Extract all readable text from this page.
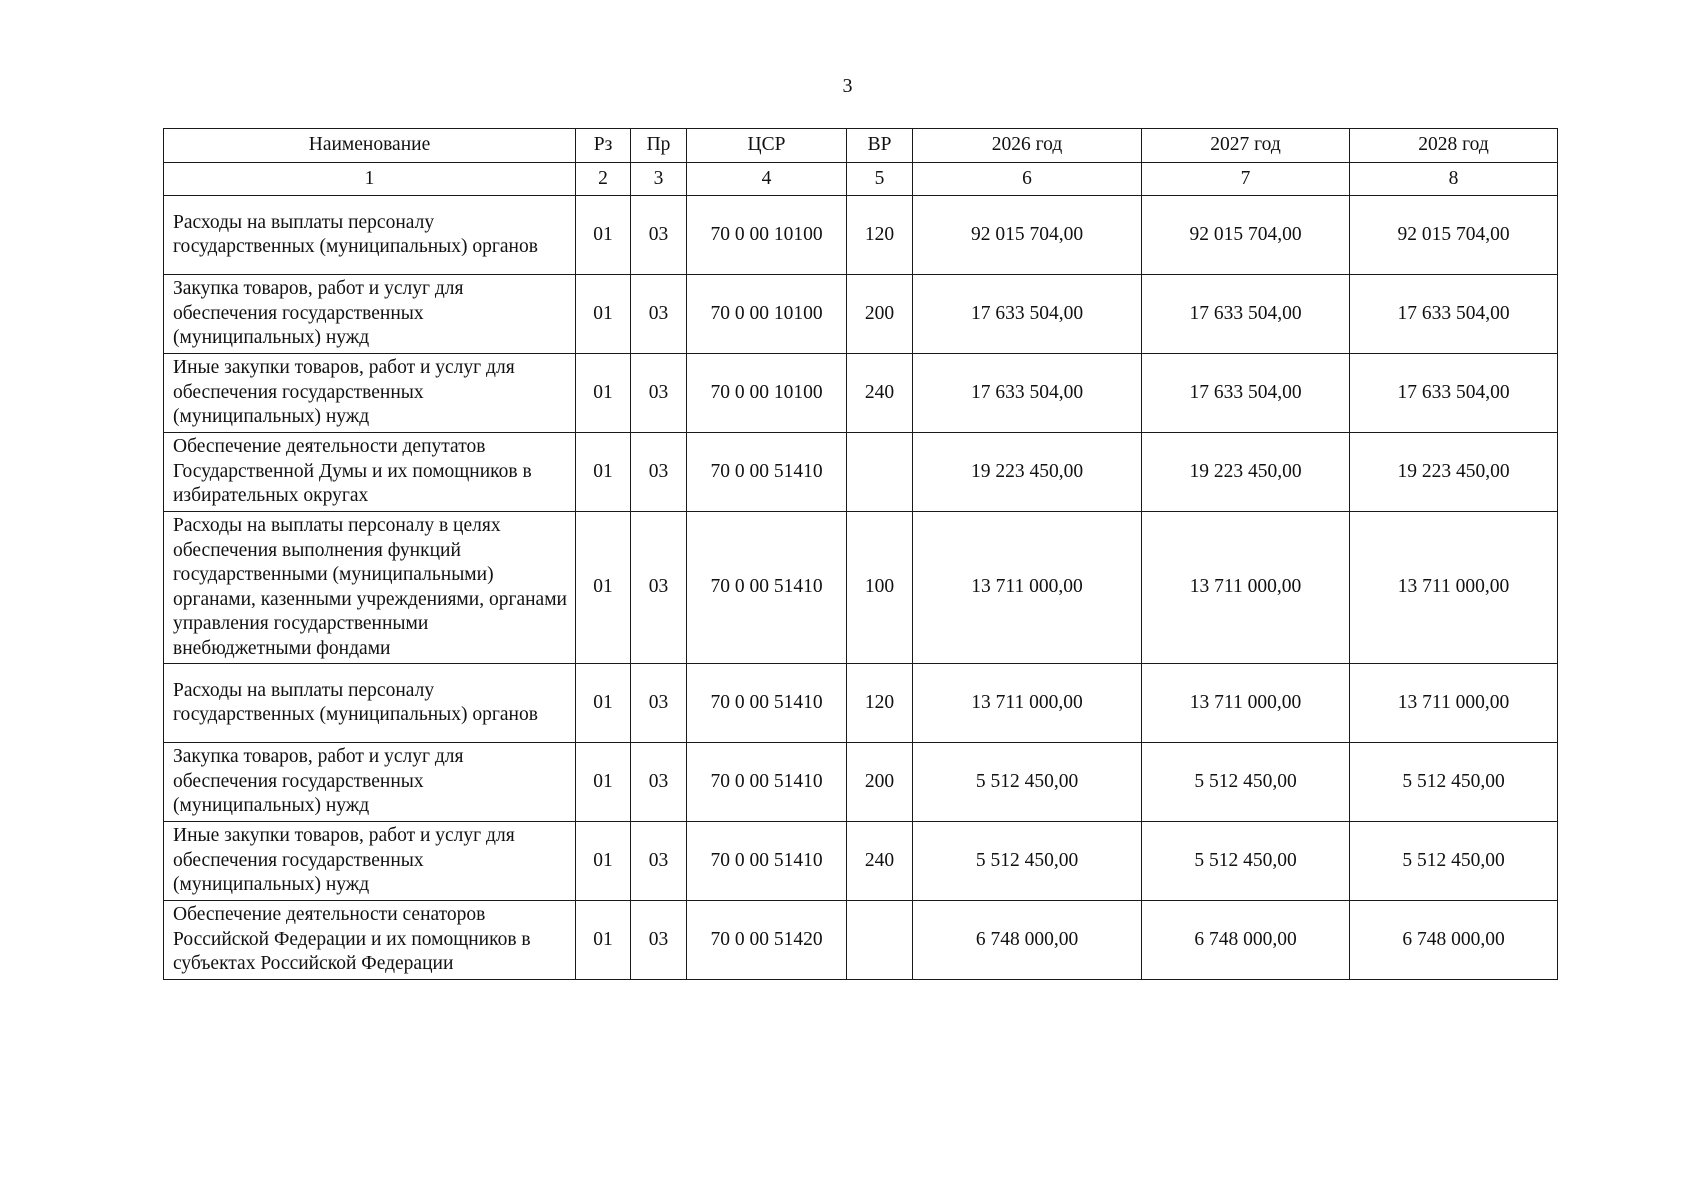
3
Наименование	Рз	Пр	ЦСР	ВР	2026 год	2027 год	2028 год
1	2	3	4	5	6	7	8
Расходы на выплаты персоналу государственных (муниципальных) органов	01	03	70 0 00 10100	120	92 015 704,00	92 015 704,00	92 015 704,00
Закупка товаров, работ и услуг для обеспечения государственных (муниципальных) нужд	01	03	70 0 00 10100	200	17 633 504,00	17 633 504,00	17 633 504,00
Иные закупки товаров, работ и услуг для обеспечения государственных (муниципальных) нужд	01	03	70 0 00 10100	240	17 633 504,00	17 633 504,00	17 633 504,00
Обеспечение деятельности депутатов Государственной Думы и их помощников в избирательных округах	01	03	70 0 00 51410		19 223 450,00	19 223 450,00	19 223 450,00
Расходы на выплаты персоналу в целях обеспечения выполнения функций государственными (муниципальными) органами, казенными учреждениями, органами управления государственными внебюджетными фондами	01	03	70 0 00 51410	100	13 711 000,00	13 711 000,00	13 711 000,00
Расходы на выплаты персоналу государственных (муниципальных) органов	01	03	70 0 00 51410	120	13 711 000,00	13 711 000,00	13 711 000,00
Закупка товаров, работ и услуг для обеспечения государственных (муниципальных) нужд	01	03	70 0 00 51410	200	5 512 450,00	5 512 450,00	5 512 450,00
Иные закупки товаров, работ и услуг для обеспечения государственных (муниципальных) нужд	01	03	70 0 00 51410	240	5 512 450,00	5 512 450,00	5 512 450,00
Обеспечение деятельности сенаторов Российской Федерации и их помощников в субъектах Российской Федерации	01	03	70 0 00 51420		6 748 000,00	6 748 000,00	6 748 000,00
